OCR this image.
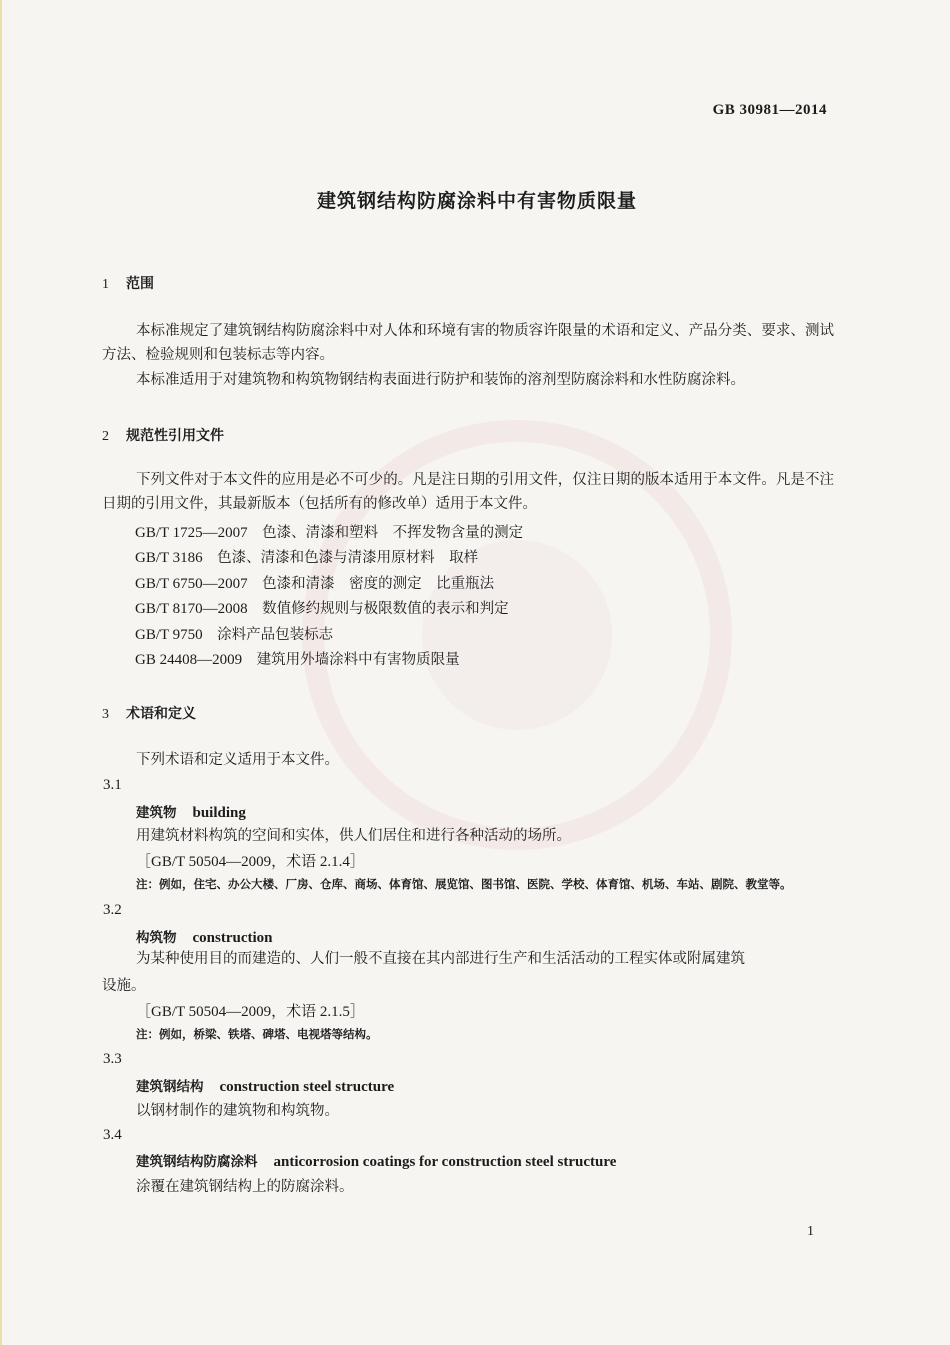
GB 30981—2014
建筑钢结构防腐涂料中有害物质限量
1 范围
本标准规定了建筑钢结构防腐涂料中对人体和环境有害的物质容许限量的术语和定义、产品分类、要求、测试方法、检验规则和包装标志等内容。
本标准适用于对建筑物和构筑物钢结构表面进行防护和装饰的溶剂型防腐涂料和水性防腐涂料。
2 规范性引用文件
下列文件对于本文件的应用是必不可少的。凡是注日期的引用文件，仅注日期的版本适用于本文件。凡是不注日期的引用文件，其最新版本（包括所有的修改单）适用于本文件。
GB/T 1725—2007　 色漆、清漆和塑料　不挥发物含量的测定
GB/T 3186　 色漆、清漆和色漆与清漆用原材料　取样
GB/T 6750—2007　 色漆和清漆　密度的测定　比重瓶法
GB/T 8170—2008　 数值修约规则与极限数值的表示和判定
GB/T 9750　 涂料产品包装标志
GB 24408—2009　 建筑用外墙涂料中有害物质限量
3 术语和定义
下列术语和定义适用于本文件。
3.1
建筑物 building
用建筑材料构筑的空间和实体，供人们居住和进行各种活动的场所。
［GB/T 50504—2009，术语 2.1.4］
注：例如，住宅、办公大楼、厂房、仓库、商场、体育馆、展览馆、图书馆、医院、学校、体育馆、机场、车站、剧院、教堂等。
3.2
构筑物 construction
为某种使用目的而建造的、人们一般不直接在其内部进行生产和生活活动的工程实体或附属建筑
设施。
［GB/T 50504—2009，术语 2.1.5］
注：例如，桥梁、铁塔、碑塔、电视塔等结构。
3.3
建筑钢结构 construction steel structure
以钢材制作的建筑物和构筑物。
3.4
建筑钢结构防腐涂料 anticorrosion coatings for construction steel structure
涂覆在建筑钢结构上的防腐涂料。
1
